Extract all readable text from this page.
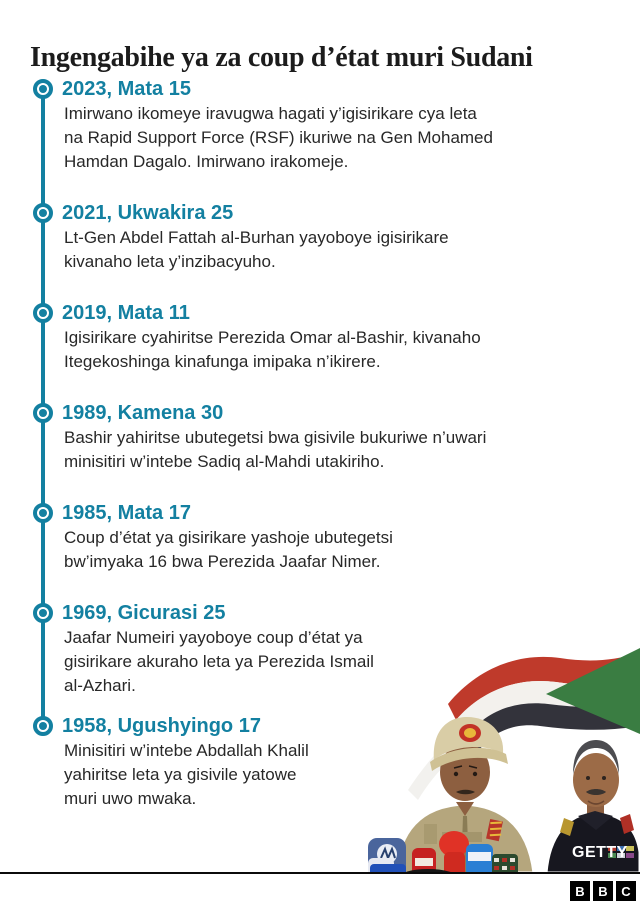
Ingengabihe ya za coup d’état muri Sudani
2023, Mata 15
Imirwano ikomeye iravugwa hagati y’igisirikare cya leta
na Rapid Support Force (RSF) ikuriwe na Gen Mohamed
Hamdan Dagalo. Imirwano irakomeje.
2021, Ukwakira 25
Lt-Gen Abdel Fattah al-Burhan yayoboye igisirikare
kivanaho leta y’inzibacyuho.
2019, Mata 11
Igisirikare cyahiritse Perezida Omar al-Bashir, kivanaho
Itegekoshinga kinafunga imipaka n’ikirere.
1989, Kamena 30
Bashir yahiritse ubutegetsi bwa gisivile bukuriwe n’uwari
minisitiri w’intebe Sadiq al-Mahdi utakiriho.
1985, Mata 17
Coup d’état ya gisirikare yashoje ubutegetsi
bw’imyaka 16 bwa Perezida Jaafar Nimer.
1969, Gicurasi 25
Jaafar Numeiri yayoboye coup d’état ya
gisirikare akuraho leta ya Perezida Ismail
al-Azhari.
1958, Ugushyingo 17
Minisitiri w’intebe Abdallah Khalil
yahiritse leta ya gisivile yatowe
muri uwo mwaka.
GETTY
B	B	C
